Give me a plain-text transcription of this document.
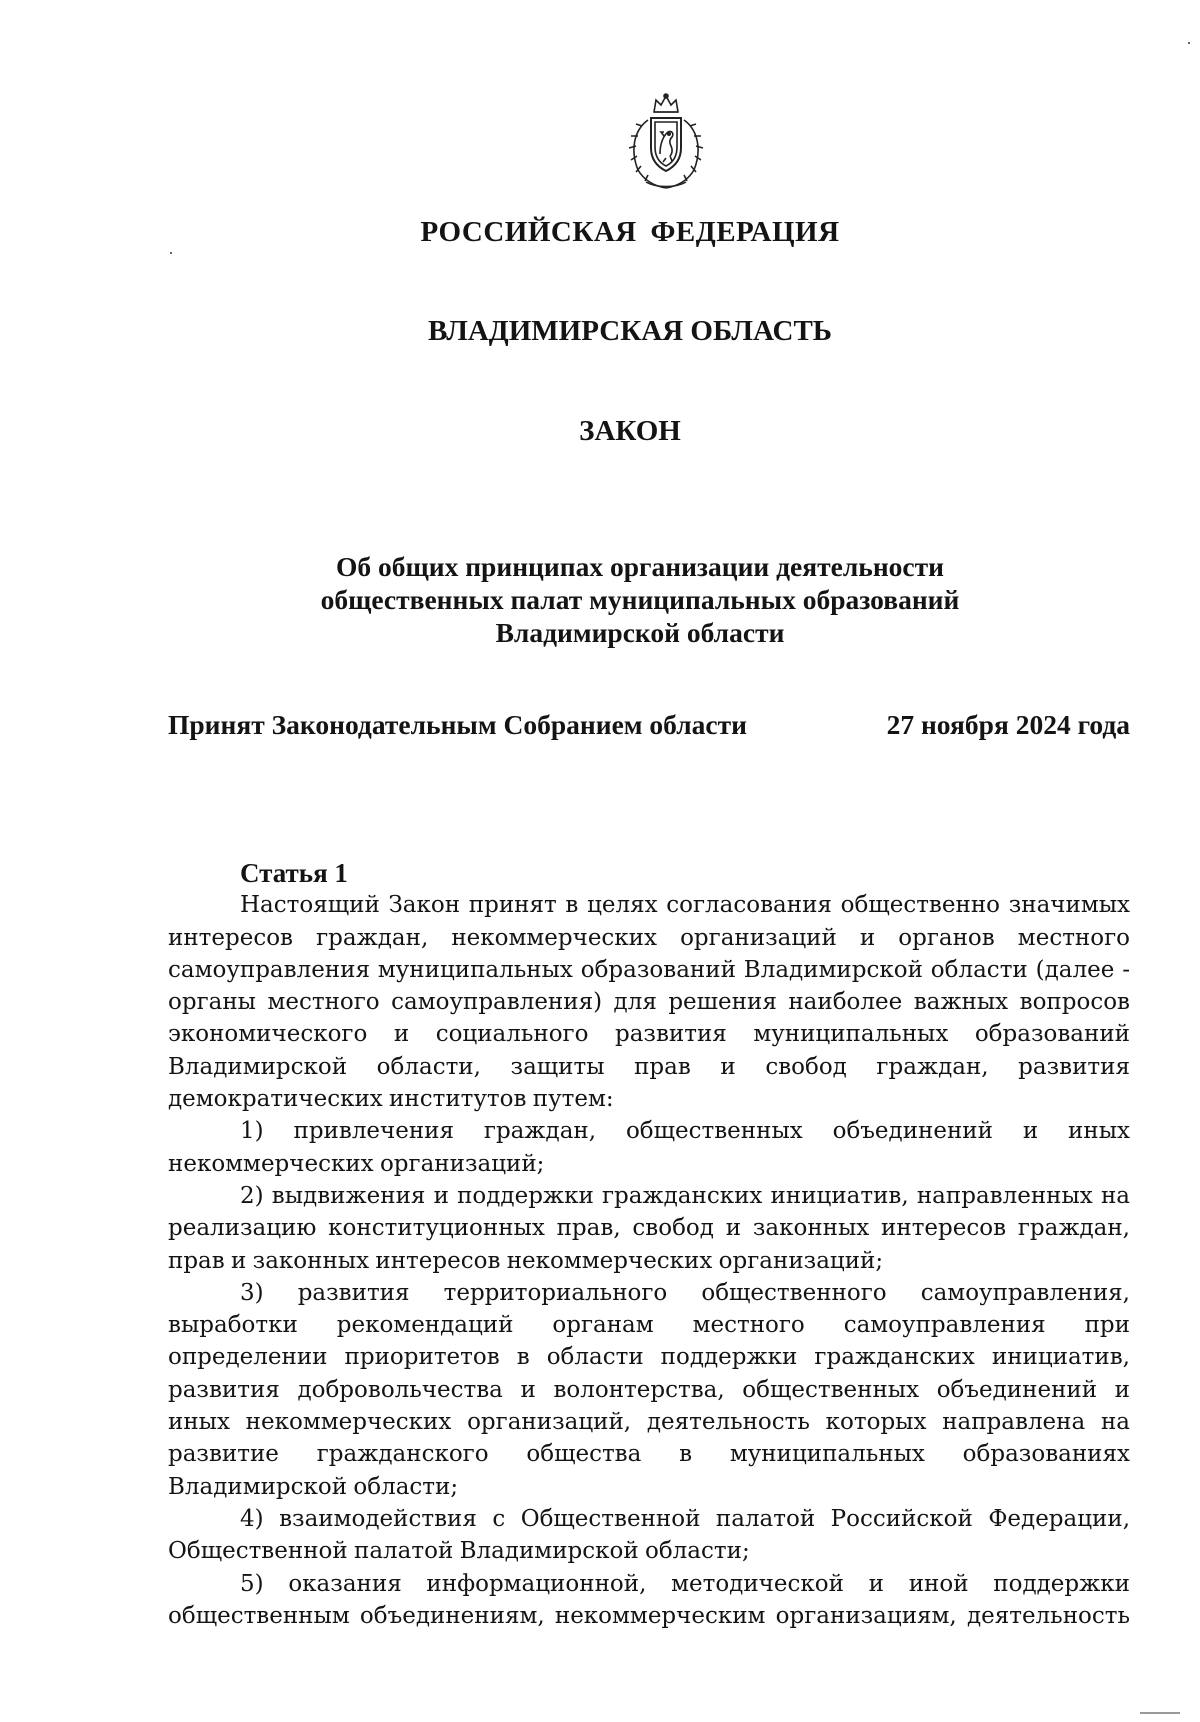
РОССИЙСКАЯ ФЕДЕРАЦИЯ
ВЛАДИМИРСКАЯ ОБЛАСТЬ
ЗАКОН
Об общих принципах организации деятельности
общественных палат муниципальных образований
Владимирской области
Принят Законодательным Собранием области	27 ноября 2024 года

Статья 1

Настоящий Закон принят в целях согласования общественно значимых интересов граждан, некоммерческих организаций и органов местного самоуправления муниципальных образований Владимирской области (далее - органы местного самоуправления) для решения наиболее важных вопросов экономического и социального развития муниципальных образований Владимирской области, защиты прав и свобод граждан, развития демократических институтов путем:

1) привлечения граждан, общественных объединений и иных некоммерческих организаций;

2) выдвижения и поддержки гражданских инициатив, направленных на реализацию конституционных прав, свобод и законных интересов граждан, прав и законных интересов некоммерческих организаций;

3) развития территориального общественного самоуправления, выработки рекомендаций органам местного самоуправления при определении приоритетов в области поддержки гражданских инициатив, развития добровольчества и волонтерства, общественных объединений и иных некоммерческих организаций, деятельность которых направлена на развитие гражданского общества в муниципальных образованиях Владимирской области;

4) взаимодействия с Общественной палатой Российской Федерации, Общественной палатой Владимирской области;

5) оказания информационной, методической и иной поддержки общественным объединениям, некоммерческим организациям, деятельность
